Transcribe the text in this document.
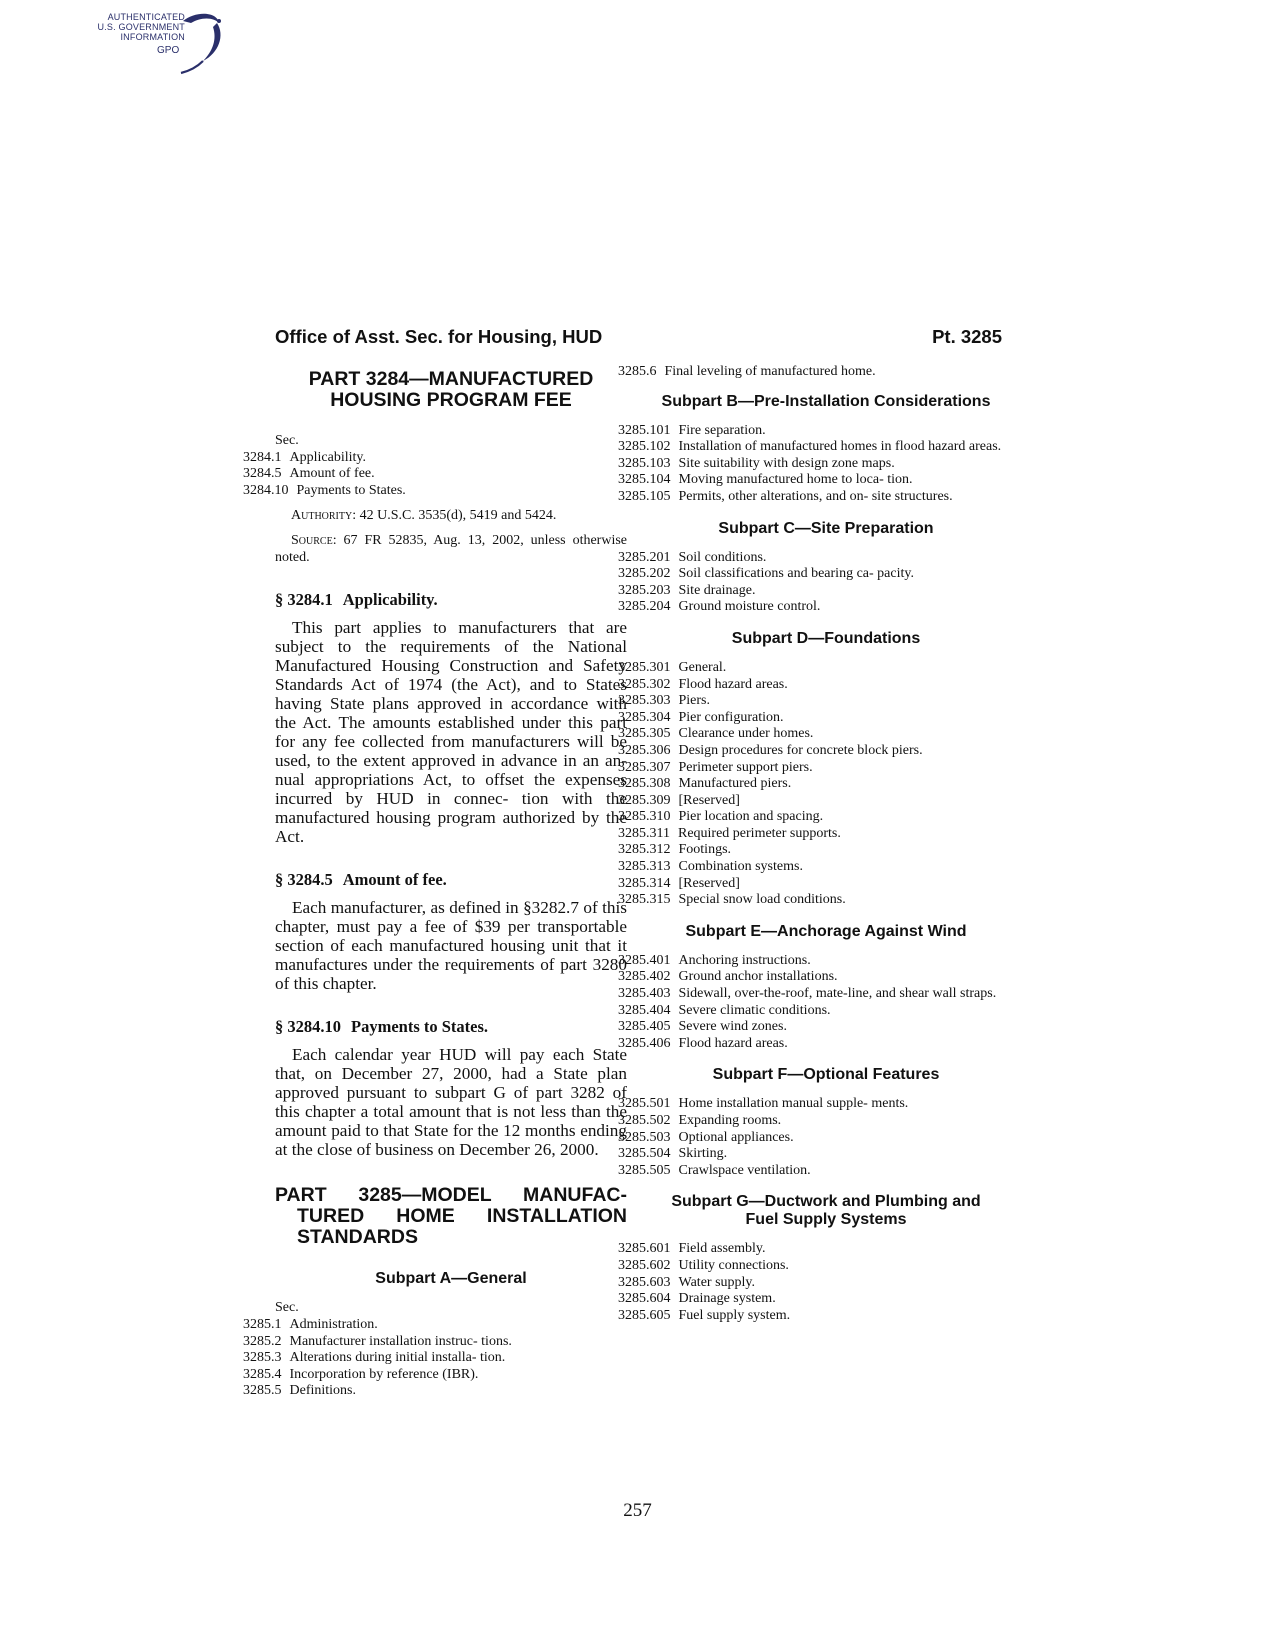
AUTHENTICATED
U.S. GOVERNMENT
INFORMATION
GPO
Office of Asst. Sec. for Housing, HUD	Pt. 3285
PART 3284—MANUFACTURED HOUSING PROGRAM FEE
Sec.
3284.1 Applicability.
3284.5 Amount of fee.
3284.10 Payments to States.
Authority: 42 U.S.C. 3535(d), 5419 and 5424.
Source: 67 FR 52835, Aug. 13, 2002, unless otherwise noted.
§ 3284.1 Applicability.

This part applies to manufacturers that are subject to the requirements of the National Manufactured Housing Construction and Safety Standards Act of 1974 (the Act), and to States having State plans approved in accordance with the Act. The amounts established under this part for any fee collected from manufacturers will be used, to the extent approved in advance in an an- nual appropriations Act, to offset the expenses incurred by HUD in connec- tion with the manufactured housing program authorized by the Act.

§ 3284.5 Amount of fee.

Each manufacturer, as defined in §3282.7 of this chapter, must pay a fee of $39 per transportable section of each manufactured housing unit that it manufactures under the requirements of part 3280 of this chapter.

§ 3284.10 Payments to States.

Each calendar year HUD will pay each State that, on December 27, 2000, had a State plan approved pursuant to subpart G of part 3282 of this chapter a total amount that is not less than the amount paid to that State for the 12 months ending at the close of business on December 26, 2000.

PART 3285—MODEL MANUFAC- TURED HOME INSTALLATION STANDARDS
Subpart A—General
Sec.
3285.1 Administration.
3285.2 Manufacturer installation instruc- tions.
3285.3 Alterations during initial installa- tion.
3285.4 Incorporation by reference (IBR).
3285.5 Definitions.
3285.6 Final leveling of manufactured home.
Subpart B—Pre-Installation Considerations
3285.101 Fire separation.
3285.102 Installation of manufactured homes in flood hazard areas.
3285.103 Site suitability with design zone maps.
3285.104 Moving manufactured home to loca- tion.
3285.105 Permits, other alterations, and on- site structures.
Subpart C—Site Preparation
3285.201 Soil conditions.
3285.202 Soil classifications and bearing ca- pacity.
3285.203 Site drainage.
3285.204 Ground moisture control.
Subpart D—Foundations
3285.301 General.
3285.302 Flood hazard areas.
3285.303 Piers.
3285.304 Pier configuration.
3285.305 Clearance under homes.
3285.306 Design procedures for concrete block piers.
3285.307 Perimeter support piers.
3285.308 Manufactured piers.
3285.309 [Reserved]
3285.310 Pier location and spacing.
3285.311 Required perimeter supports.
3285.312 Footings.
3285.313 Combination systems.
3285.314 [Reserved]
3285.315 Special snow load conditions.
Subpart E—Anchorage Against Wind
3285.401 Anchoring instructions.
3285.402 Ground anchor installations.
3285.403 Sidewall, over-the-roof, mate-line, and shear wall straps.
3285.404 Severe climatic conditions.
3285.405 Severe wind zones.
3285.406 Flood hazard areas.
Subpart F—Optional Features
3285.501 Home installation manual supple- ments.
3285.502 Expanding rooms.
3285.503 Optional appliances.
3285.504 Skirting.
3285.505 Crawlspace ventilation.
Subpart G—Ductwork and Plumbing and Fuel Supply Systems
3285.601 Field assembly.
3285.602 Utility connections.
3285.603 Water supply.
3285.604 Drainage system.
3285.605 Fuel supply system.
257
